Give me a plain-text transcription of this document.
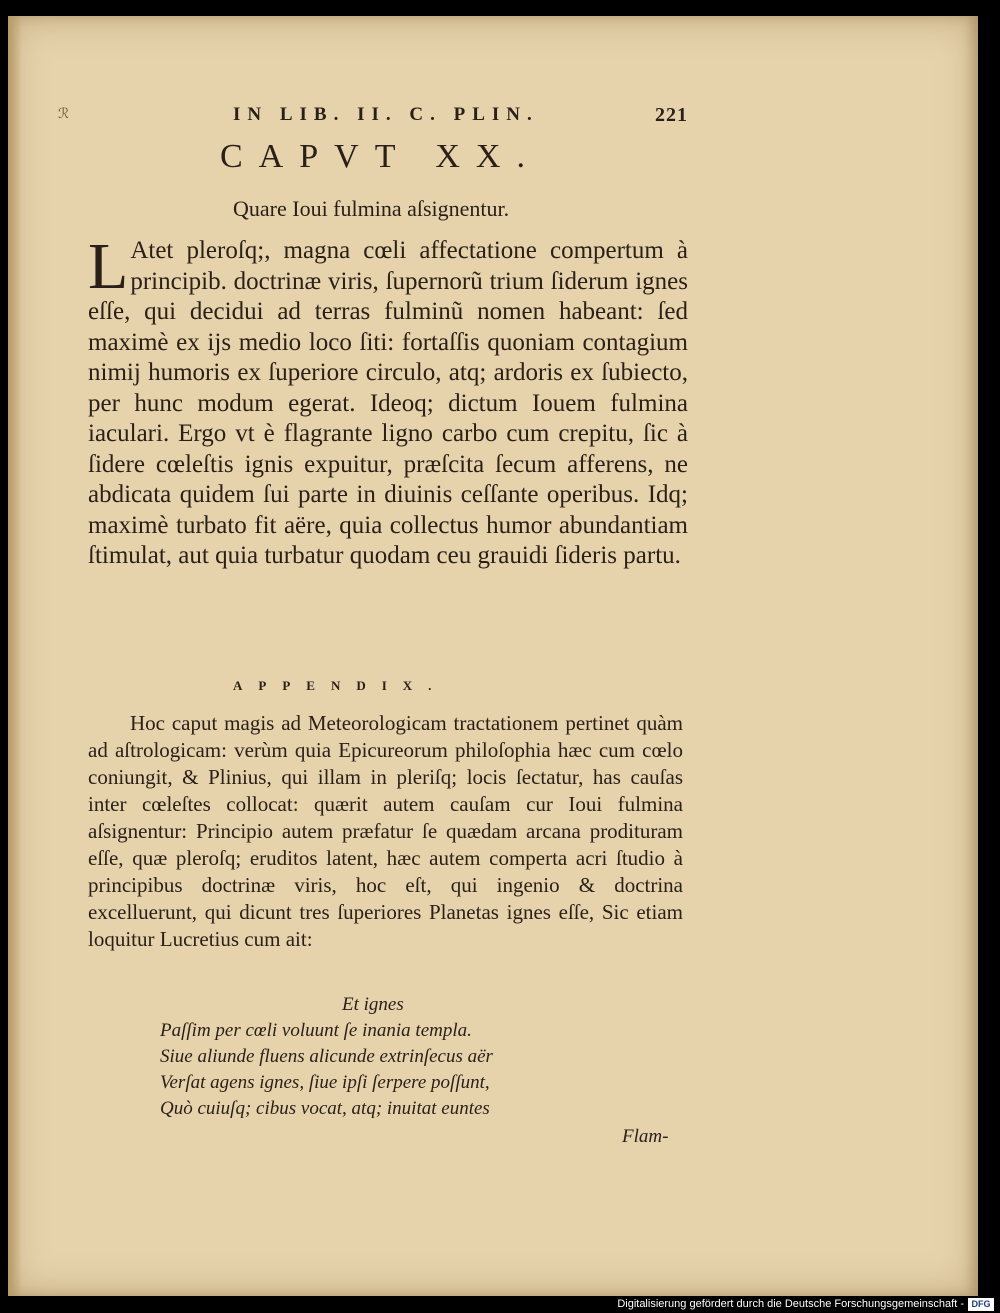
ℛ	IN LIB. II. C. PLIN.	221
CAPVT XX.
Quare Ioui fulmina aſsignentur.

L Atet pleroſq;, magna cœli affectatione compertum à principib. doctrinæ viris, ſupernorũ trium ſiderum ignes eſſe, qui decidui ad terras fulminũ nomen habeant: ſed maximè ex ijs medio loco ſiti: fortaſſis quoniam contagium nimij humoris ex ſuperiore circulo, atq; ardoris ex ſubiecto, per hunc modum egerat. Ideoq; dictum Iouem fulmina iaculari. Ergo vt è flagrante ligno carbo cum crepitu, ſic à ſidere cœleſtis ignis expuitur, præſcita ſecum afferens, ne abdicata quidem ſui parte in diuinis ceſſante operibus. Idq; maximè turbato fit aëre, quia collectus humor abundantiam ſtimulat, aut quia turbatur quodam ceu grauidi ſideris partu.

APPENDIX.

Hoc caput magis ad Meteorologicam tractationem pertinet quàm ad aſtrologicam: verùm quia Epicureorum philoſophia hæc cum cœlo coniungit, & Plinius, qui illam in pleriſq; locis ſectatur, has cauſas inter cœleſtes collocat: quærit autem cauſam cur Ioui fulmina aſsignentur: Principio autem præfatur ſe quædam arcana prodituram eſſe, quæ pleroſq; eruditos latent, hæc autem comperta acri ſtudio à principibus doctrinæ viris, hoc eſt, qui ingenio & doctrina excelluerunt, qui dicunt tres ſuperiores Planetas ignes eſſe, Sic etiam loquitur Lucretius cum ait:

Et ignes
Paſſim per cœli voluunt ſe inania templa.
Siue aliunde fluens alicunde extrinſecus aër
Verſat agens ignes, ſiue ipſi ſerpere poſſunt,
Quò cuiuſq; cibus vocat, atq; inuitat euntes
Flam-
Digitalisierung gefördert durch die Deutsche Forschungsgemeinschaft - DFG
